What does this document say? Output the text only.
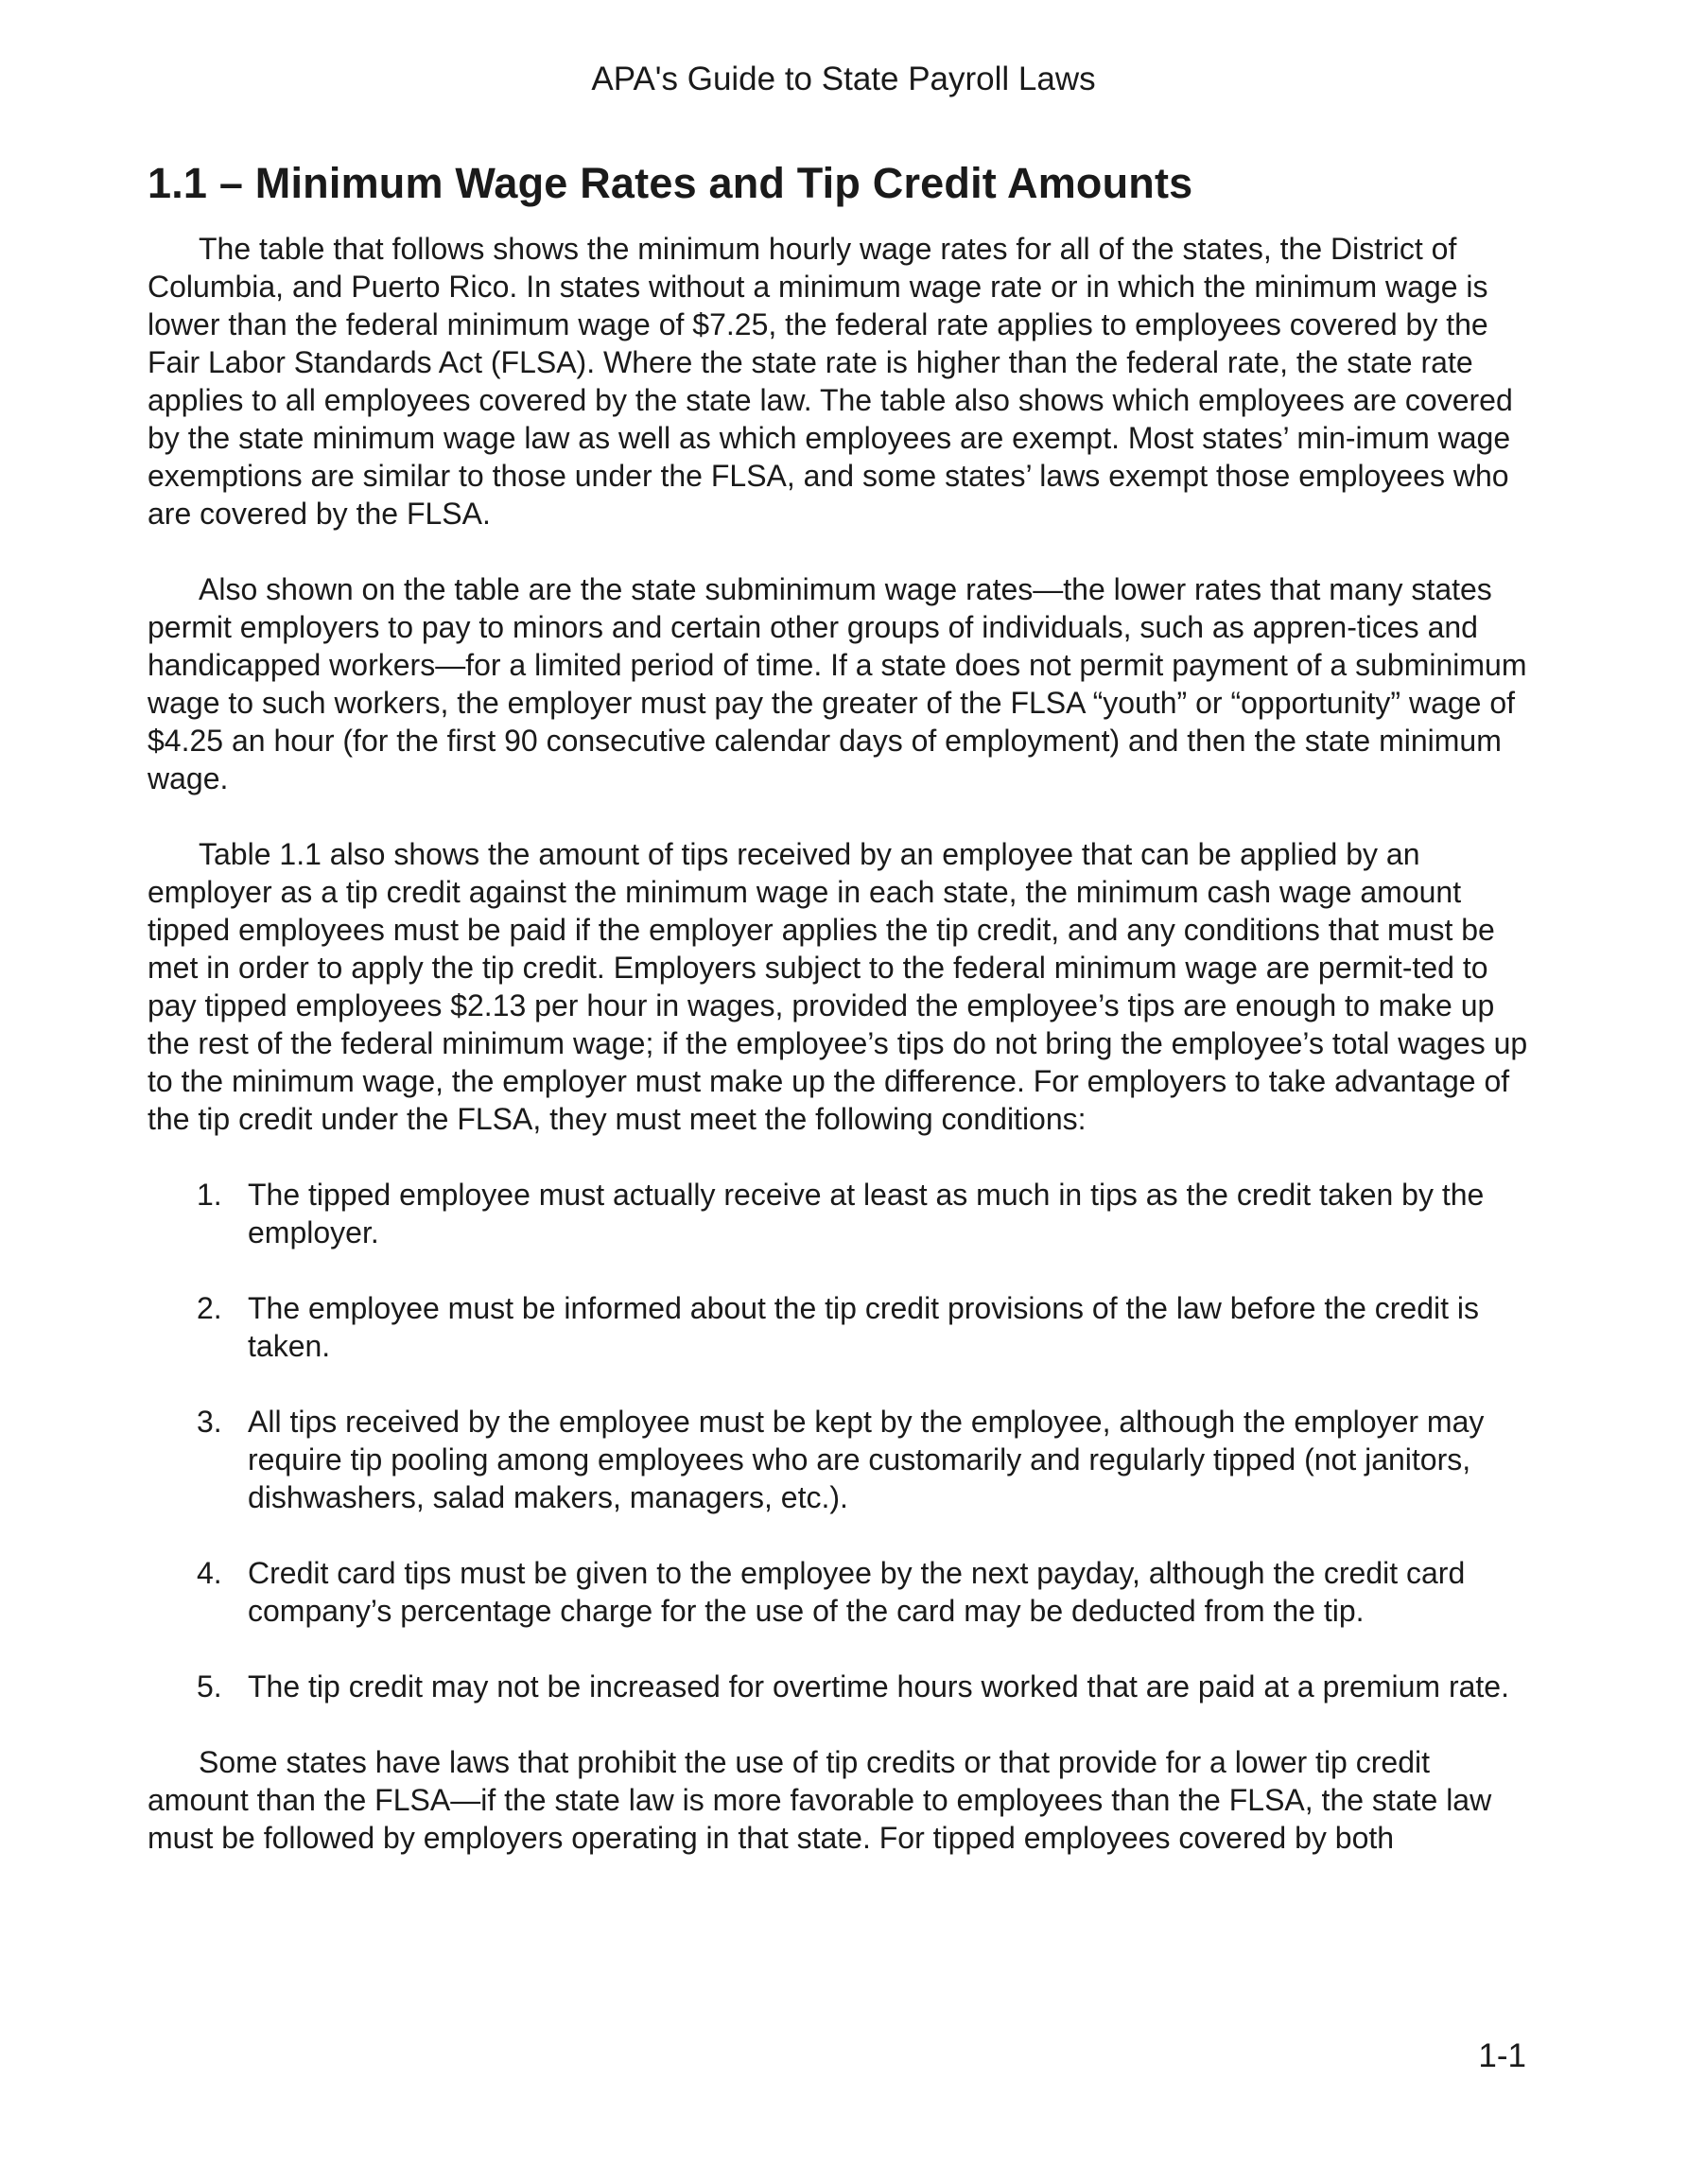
APA's Guide to State Payroll Laws
1.1 – Minimum Wage Rates and Tip Credit Amounts

The table that follows shows the minimum hourly wage rates for all of the states, the District of Columbia, and Puerto Rico. In states without a minimum wage rate or in which the minimum wage is lower than the federal minimum wage of $7.25, the federal rate applies to employees covered by the Fair Labor Standards Act (FLSA). Where the state rate is higher than the federal rate, the state rate applies to all employees covered by the state law. The table also shows which employees are covered by the state minimum wage law as well as which employees are exempt. Most states’ min-imum wage exemptions are similar to those under the FLSA, and some states’ laws exempt those employees who are covered by the FLSA.

Also shown on the table are the state subminimum wage rates—the lower rates that many states permit employers to pay to minors and certain other groups of individuals, such as appren-tices and handicapped workers—for a limited period of time. If a state does not permit payment of a subminimum wage to such workers, the employer must pay the greater of the FLSA “youth” or “opportunity” wage of $4.25 an hour (for the first 90 consecutive calendar days of employment) and then the state minimum wage.

Table 1.1 also shows the amount of tips received by an employee that can be applied by an employer as a tip credit against the minimum wage in each state, the minimum cash wage amount tipped employees must be paid if the employer applies the tip credit, and any conditions that must be met in order to apply the tip credit. Employers subject to the federal minimum wage are permit-ted to pay tipped employees $2.13 per hour in wages, provided the employee’s tips are enough to make up the rest of the federal minimum wage; if the employee’s tips do not bring the employee’s total wages up to the minimum wage, the employer must make up the difference. For employers to take advantage of the tip credit under the FLSA, they must meet the following conditions:

1. The tipped employee must actually receive at least as much in tips as the credit taken by the employer.
2. The employee must be informed about the tip credit provisions of the law before the credit is taken.
3. All tips received by the employee must be kept by the employee, although the employer may require tip pooling among employees who are customarily and regularly tipped (not janitors, dishwashers, salad makers, managers, etc.).
4. Credit card tips must be given to the employee by the next payday, although the credit card company’s percentage charge for the use of the card may be deducted from the tip.
5. The tip credit may not be increased for overtime hours worked that are paid at a premium rate.

Some states have laws that prohibit the use of tip credits or that provide for a lower tip credit amount than the FLSA—if the state law is more favorable to employees than the FLSA, the state law must be followed by employers operating in that state. For tipped employees covered by both

1-1
